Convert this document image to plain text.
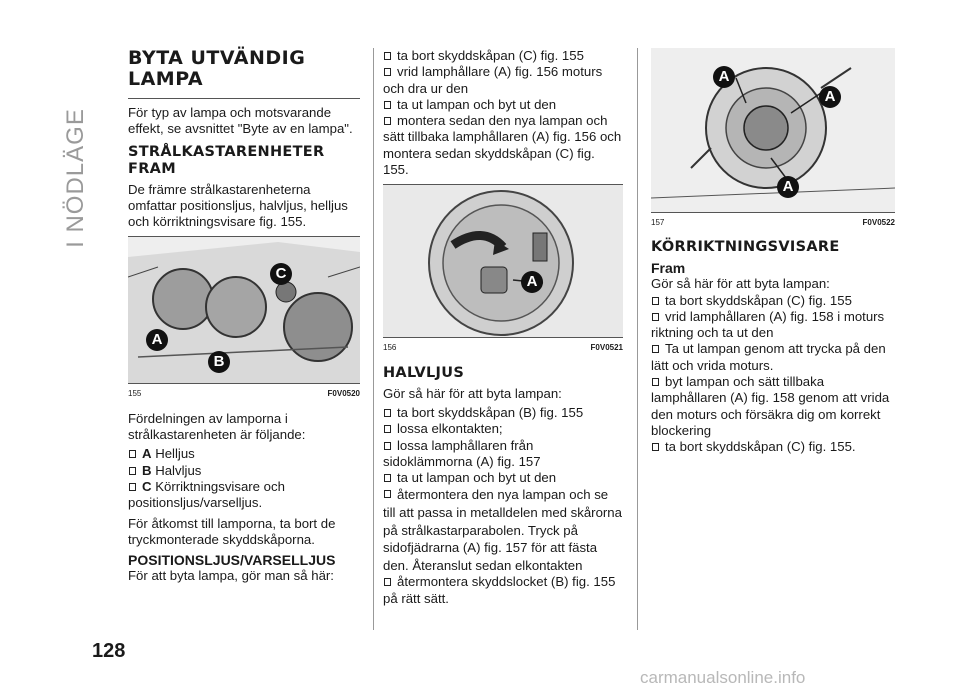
I NÖDLÄGE
128
carmanualsonline.info
BYTA UTVÄNDIG LAMPA

För typ av lampa och motsvarande effekt, se avsnittet "Byte av en lampa".

STRÅLKASTARENHETER FRAM

De främre strålkastarenheterna omfattar positionsljus, halvljus, helljus och körriktningsvisare fig. 155.

C
A
B
155	F0V0520

Fördelningen av lamporna i strålkastarenheten är följande:

A Helljus

B Halvljus

C Körriktningsvisare och positionsljus/varselljus.

För åtkomst till lamporna, ta bort de tryckmonterade skyddskåporna.

POSITIONSLJUS/VARSELLJUS

För att byta lampa, gör man så här:

ta bort skyddskåpan (C) fig. 155

vrid lamphållare (A) fig. 156 moturs och dra ur den

ta ut lampan och byt ut den

montera sedan den nya lampan och sätt tillbaka lamphållaren (A) fig. 156 och montera sedan skyddskåpan (C) fig. 155.

A
156	F0V0521
HALVLJUS

Gör så här för att byta lampan:

ta bort skyddskåpan (B) fig. 155

lossa elkontakten;

lossa lamphållaren från sidoklämmorna (A) fig. 157

ta ut lampan och byt ut den

återmontera den nya lampan och se till att passa in metalldelen med skårorna på strålkastarparabolen. Tryck på sidofjädrarna (A) fig. 157 för att fästa den. Återanslut sedan elkontakten

återmontera skyddslocket (B) fig. 155 på rätt sätt.

A
A
A
157	F0V0522
KÖRRIKTNINGSVISARE
Fram

Gör så här för att byta lampan:

ta bort skyddskåpan (C) fig. 155

vrid lamphållaren (A) fig. 158 i moturs riktning och ta ut den

Ta ut lampan genom att trycka på den lätt och vrida moturs.

byt lampan och sätt tillbaka lamphållaren (A) fig. 158 genom att vrida den moturs och försäkra dig om korrekt blockering

ta bort skyddskåpan (C) fig. 155.
